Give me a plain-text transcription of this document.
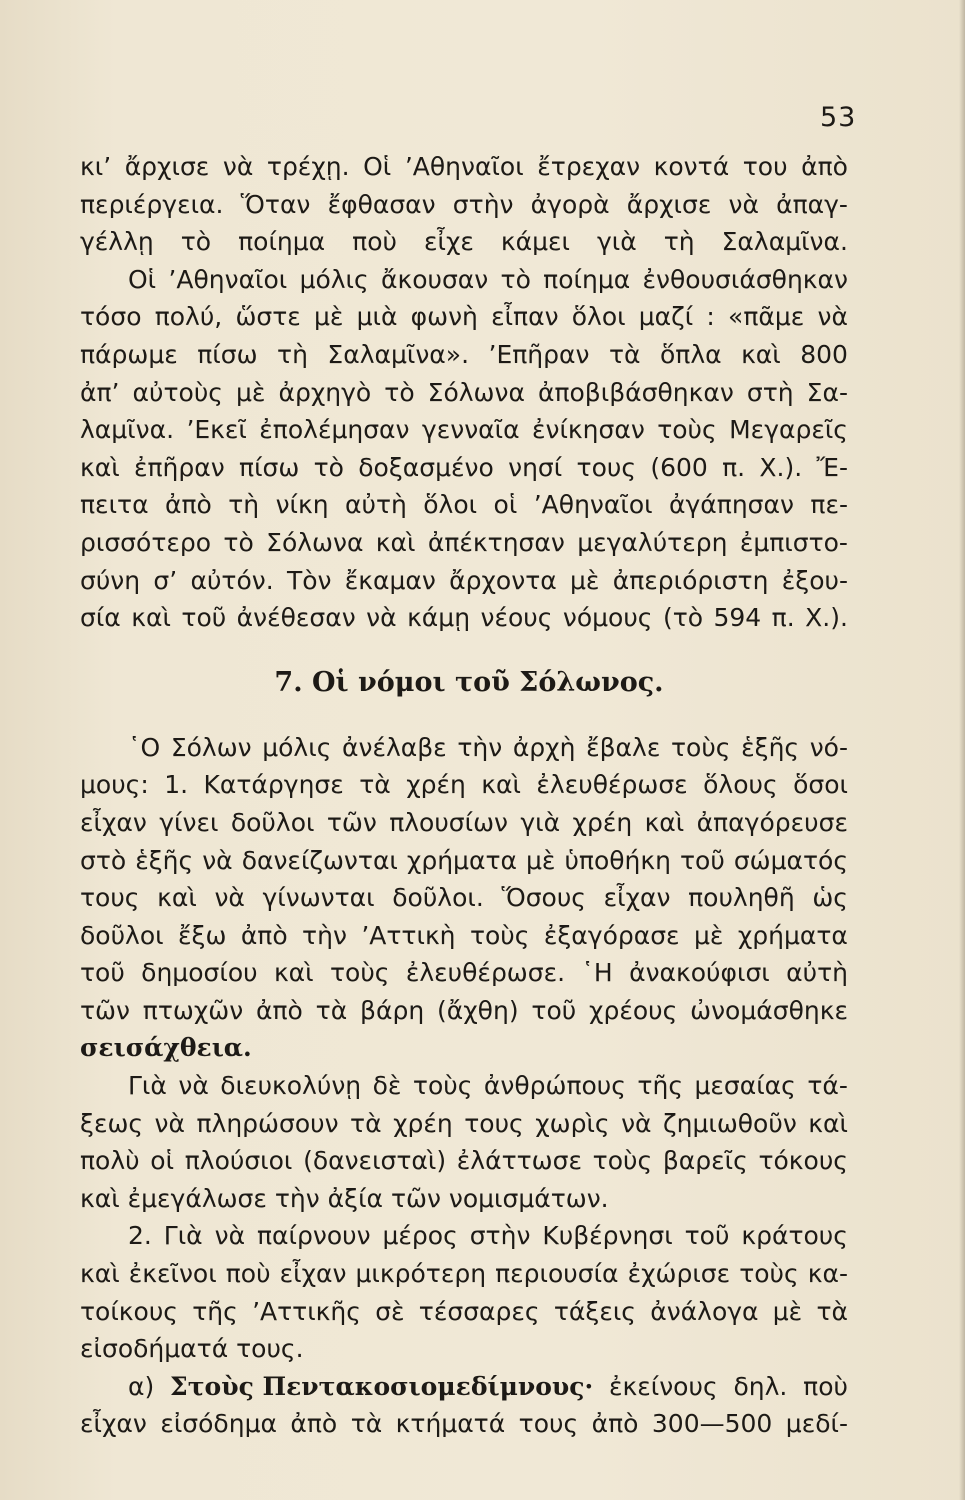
53
κι’ ἄρχισε νὰ τρέχῃ. Οἱ ’Αθηναῖοι ἔτρεχαν κοντά του ἀπὸ
περιέργεια. Ὅταν ἔφθασαν στὴν ἀγορὰ ἄρχισε νὰ ἀπαγ-
γέλλῃ τὸ ποίημα ποὺ εἶχε κάμει γιὰ τὴ Σαλαμῖνα.
Οἱ ’Αθηναῖοι μόλις ἄκουσαν τὸ ποίημα ἐνθουσιάσθηκαν
τόσο πολύ, ὥστε μὲ μιὰ φωνὴ εἶπαν ὅλοι μαζί : «πᾶμε νὰ
πάρωμε πίσω τὴ Σαλαμῖνα». ’Επῆραν τὰ ὅπλα καὶ 800
ἀπ’ αὐτοὺς μὲ ἀρχηγὸ τὸ Σόλωνα ἀποβιβάσθηκαν στὴ Σα-
λαμῖνα. ’Εκεῖ ἐπολέμησαν γενναῖα ἐνίκησαν τοὺς Μεγαρεῖς
καὶ ἐπῆραν πίσω τὸ δοξασμένο νησί τους (600 π. Χ.). Ἔ-
πειτα ἀπὸ τὴ νίκη αὐτὴ ὅλοι οἱ ’Αθηναῖοι ἀγάπησαν πε-
ρισσότερο τὸ Σόλωνα καὶ ἀπέκτησαν μεγαλύτερη ἐμπιστο-
σύνη σ’ αὐτόν. Τὸν ἔκαμαν ἄρχοντα μὲ ἀπεριόριστη ἐξου-
σία καὶ τοῦ ἀνέθεσαν νὰ κάμῃ νέους νόμους (τὸ 594 π. Χ.).
7. Οἱ νόμοι τοῦ Σόλωνος.
῾Ο Σόλων μόλις ἀνέλαβε τὴν ἀρχὴ ἔβαλε τοὺς ἑξῆς νό-
μους: 1. Κατάργησε τὰ χρέη καὶ ἐλευθέρωσε ὅλους ὅσοι
εἶχαν γίνει δοῦλοι τῶν πλουσίων γιὰ χρέη καὶ ἀπαγόρευσε
στὸ ἑξῆς νὰ δανείζωνται χρήματα μὲ ὑποθήκη τοῦ σώματός
τους καὶ νὰ γίνωνται δοῦλοι. Ὅσους εἶχαν πουληθῆ ὡς
δοῦλοι ἔξω ἀπὸ τὴν ’Αττικὴ τοὺς ἐξαγόρασε μὲ χρήματα
τοῦ δημοσίου καὶ τοὺς ἐλευθέρωσε. ῾Η ἀνακούφισι αὐτὴ
τῶν πτωχῶν ἀπὸ τὰ βάρη (ἄχθη) τοῦ χρέους ὠνομάσθηκε
σεισάχθεια.
Γιὰ νὰ διευκολύνῃ δὲ τοὺς ἀνθρώπους τῆς μεσαίας τά-
ξεως νὰ πληρώσουν τὰ χρέη τους χωρὶς νὰ ζημιωθοῦν καὶ
πολὺ οἱ πλούσιοι (δανεισταὶ) ἐλάττωσε τοὺς βαρεῖς τόκους
καὶ ἐμεγάλωσε τὴν ἀξία τῶν νομισμάτων.
2. Γιὰ νὰ παίρνουν μέρος στὴν Κυβέρνησι τοῦ κράτους
καὶ ἐκεῖνοι ποὺ εἶχαν μικρότερη περιουσία ἐχώρισε τοὺς κα-
τοίκους τῆς ’Αττικῆς σὲ τέσσαρες τάξεις ἀνάλογα μὲ τὰ
εἰσοδήματά τους.
α) Στοὺς Πεντακοσιομεδίμνους· ἐκείνους δηλ. ποὺ
εἶχαν εἰσόδημα ἀπὸ τὰ κτήματά τους ἀπὸ 300—500 μεδί-
